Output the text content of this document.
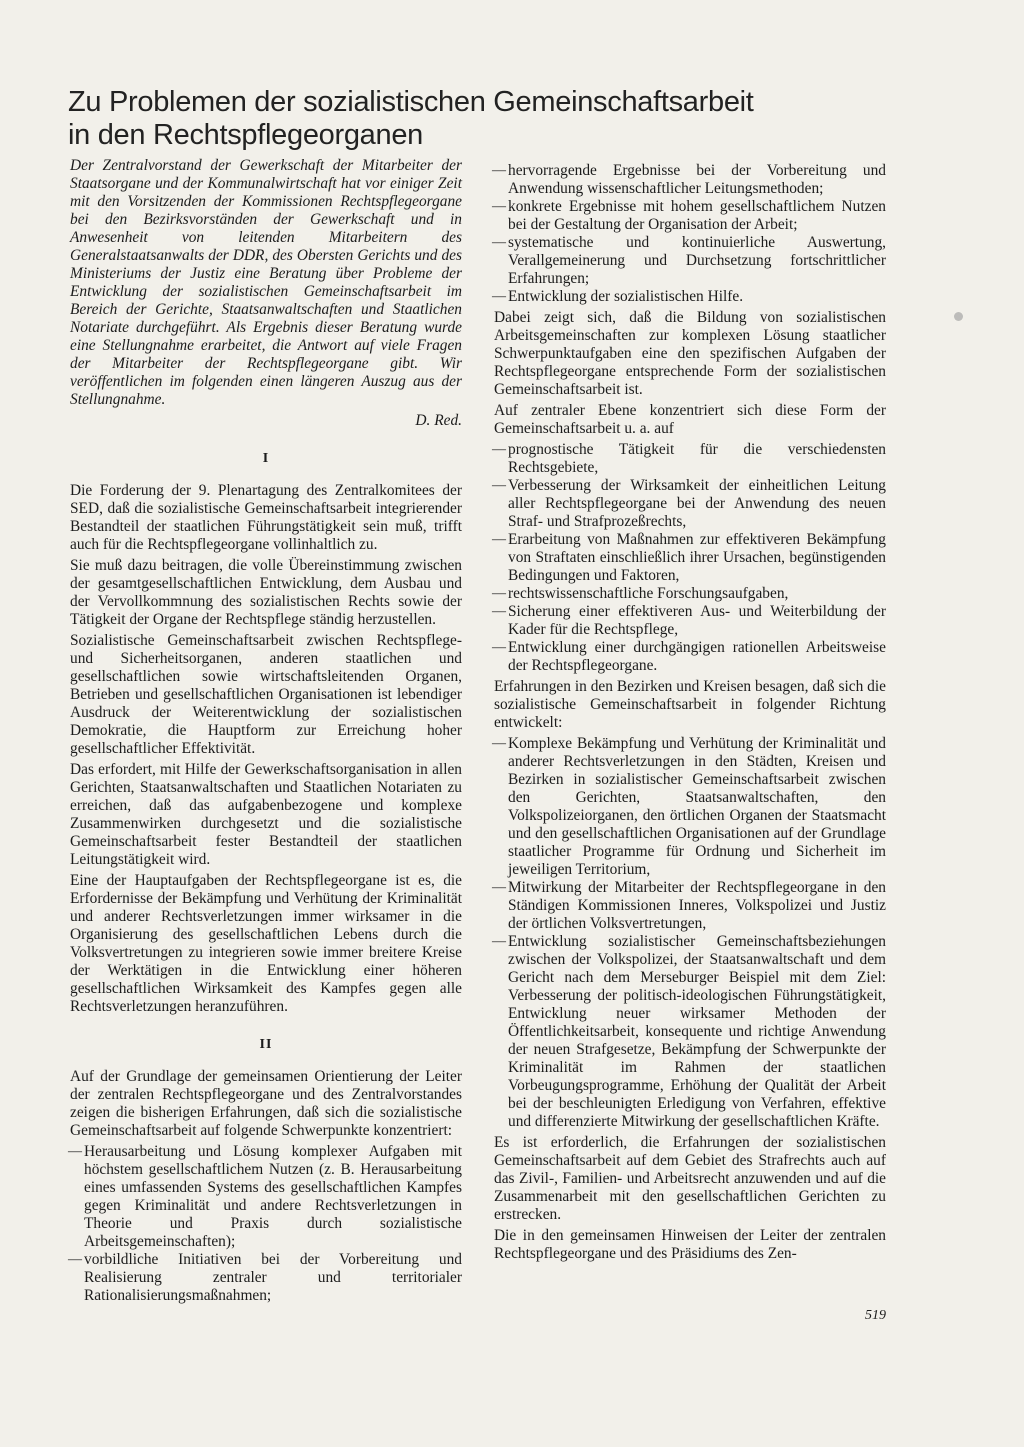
Zu Problemen der sozialistischen Gemeinschaftsarbeit
in den Rechtspflegeorganen

Der Zentralvorstand der Gewerkschaft der Mitarbeiter der Staatsorgane und der Kommunalwirtschaft hat vor einiger Zeit mit den Vorsitzenden der Kommissionen Rechtspflegeorgane bei den Bezirksvorständen der Gewerkschaft und in Anwesenheit von leitenden Mitarbeitern des Generalstaatsanwalts der DDR, des Obersten Gerichts und des Ministeriums der Justiz eine Beratung über Probleme der Entwicklung der sozialistischen Gemeinschaftsarbeit im Bereich der Gerichte, Staatsanwaltschaften und Staatlichen Notariate durchgeführt. Als Ergebnis dieser Beratung wurde eine Stellungnahme erarbeitet, die Antwort auf viele Fragen der Mitarbeiter der Rechtspflegeorgane gibt. Wir veröffentlichen im folgenden einen längeren Auszug aus der Stellungnahme.

D. Red.

I

Die Forderung der 9. Plenartagung des Zentralkomitees der SED, daß die sozialistische Gemeinschaftsarbeit integrierender Bestandteil der staatlichen Führungstätigkeit sein muß, trifft auch für die Rechtspflegeorgane vollinhaltlich zu.

Sie muß dazu beitragen, die volle Übereinstimmung zwischen der gesamtgesellschaftlichen Entwicklung, dem Ausbau und der Vervollkommnung des sozialistischen Rechts sowie der Tätigkeit der Organe der Rechtspflege ständig herzustellen.

Sozialistische Gemeinschaftsarbeit zwischen Rechtspflege- und Sicherheitsorganen, anderen staatlichen und gesellschaftlichen sowie wirtschaftsleitenden Organen, Betrieben und gesellschaftlichen Organisationen ist lebendiger Ausdruck der Weiterentwicklung der sozialistischen Demokratie, die Hauptform zur Erreichung hoher gesellschaftlicher Effektivität.

Das erfordert, mit Hilfe der Gewerkschaftsorganisation in allen Gerichten, Staatsanwaltschaften und Staatlichen Notariaten zu erreichen, daß das aufgabenbezogene und komplexe Zusammenwirken durchgesetzt und die sozialistische Gemeinschaftsarbeit fester Bestandteil der staatlichen Leitungstätigkeit wird.

Eine der Hauptaufgaben der Rechtspflegeorgane ist es, die Erfordernisse der Bekämpfung und Verhütung der Kriminalität und anderer Rechtsverletzungen immer wirksamer in die Organisierung des gesellschaftlichen Lebens durch die Volksvertretungen zu integrieren sowie immer breitere Kreise der Werktätigen in die Entwicklung einer höheren gesellschaftlichen Wirksamkeit des Kampfes gegen alle Rechtsverletzungen heranzuführen.

II

Auf der Grundlage der gemeinsamen Orientierung der Leiter der zentralen Rechtspflegeorgane und des Zentralvorstandes zeigen die bisherigen Erfahrungen, daß sich die sozialistische Gemeinschaftsarbeit auf folgende Schwerpunkte konzentriert:

— Herausarbeitung und Lösung komplexer Aufgaben mit höchstem gesellschaftlichem Nutzen (z. B. Herausarbeitung eines umfassenden Systems des gesellschaftlichen Kampfes gegen Kriminalität und andere Rechtsverletzungen in Theorie und Praxis durch sozialistische Arbeitsgemeinschaften);
— vorbildliche Initiativen bei der Vorbereitung und Realisierung zentraler und territorialer Rationalisierungsmaßnahmen;
— hervorragende Ergebnisse bei der Vorbereitung und Anwendung wissenschaftlicher Leitungsmethoden;
— konkrete Ergebnisse mit hohem gesellschaftlichem Nutzen bei der Gestaltung der Organisation der Arbeit;
— systematische und kontinuierliche Auswertung, Verallgemeinerung und Durchsetzung fortschrittlicher Erfahrungen;
— Entwicklung der sozialistischen Hilfe.

Dabei zeigt sich, daß die Bildung von sozialistischen Arbeitsgemeinschaften zur komplexen Lösung staatlicher Schwerpunktaufgaben eine den spezifischen Aufgaben der Rechtspflegeorgane entsprechende Form der sozialistischen Gemeinschaftsarbeit ist.

Auf zentraler Ebene konzentriert sich diese Form der Gemeinschaftsarbeit u. a. auf

— prognostische Tätigkeit für die verschiedensten Rechtsgebiete,
— Verbesserung der Wirksamkeit der einheitlichen Leitung aller Rechtspflegeorgane bei der Anwendung des neuen Straf- und Strafprozeßrechts,
— Erarbeitung von Maßnahmen zur effektiveren Bekämpfung von Straftaten einschließlich ihrer Ursachen, begünstigenden Bedingungen und Faktoren,
— rechtswissenschaftliche Forschungsaufgaben,
— Sicherung einer effektiveren Aus- und Weiterbildung der Kader für die Rechtspflege,
— Entwicklung einer durchgängigen rationellen Arbeitsweise der Rechtspflegeorgane.

Erfahrungen in den Bezirken und Kreisen besagen, daß sich die sozialistische Gemeinschaftsarbeit in folgender Richtung entwickelt:

— Komplexe Bekämpfung und Verhütung der Kriminalität und anderer Rechtsverletzungen in den Städten, Kreisen und Bezirken in sozialistischer Gemeinschaftsarbeit zwischen den Gerichten, Staatsanwaltschaften, den Volkspolizeiorganen, den örtlichen Organen der Staatsmacht und den gesellschaftlichen Organisationen auf der Grundlage staatlicher Programme für Ordnung und Sicherheit im jeweiligen Territorium,
— Mitwirkung der Mitarbeiter der Rechtspflegeorgane in den Ständigen Kommissionen Inneres, Volkspolizei und Justiz der örtlichen Volksvertretungen,
— Entwicklung sozialistischer Gemeinschaftsbeziehungen zwischen der Volkspolizei, der Staatsanwaltschaft und dem Gericht nach dem Merseburger Beispiel mit dem Ziel: Verbesserung der politisch-ideologischen Führungstätigkeit, Entwicklung neuer wirksamer Methoden der Öffentlichkeitsarbeit, konsequente und richtige Anwendung der neuen Strafgesetze, Bekämpfung der Schwerpunkte der Kriminalität im Rahmen der staatlichen Vorbeugungsprogramme, Erhöhung der Qualität der Arbeit bei der beschleunigten Erledigung von Verfahren, effektive und differenzierte Mitwirkung der gesellschaftlichen Kräfte.

Es ist erforderlich, die Erfahrungen der sozialistischen Gemeinschaftsarbeit auf dem Gebiet des Strafrechts auch auf das Zivil-, Familien- und Arbeitsrecht anzuwenden und auf die Zusammenarbeit mit den gesellschaftlichen Gerichten zu erstrecken.

Die in den gemeinsamen Hinweisen der Leiter der zentralen Rechtspflegeorgane und des Präsidiums des Zen-

519
